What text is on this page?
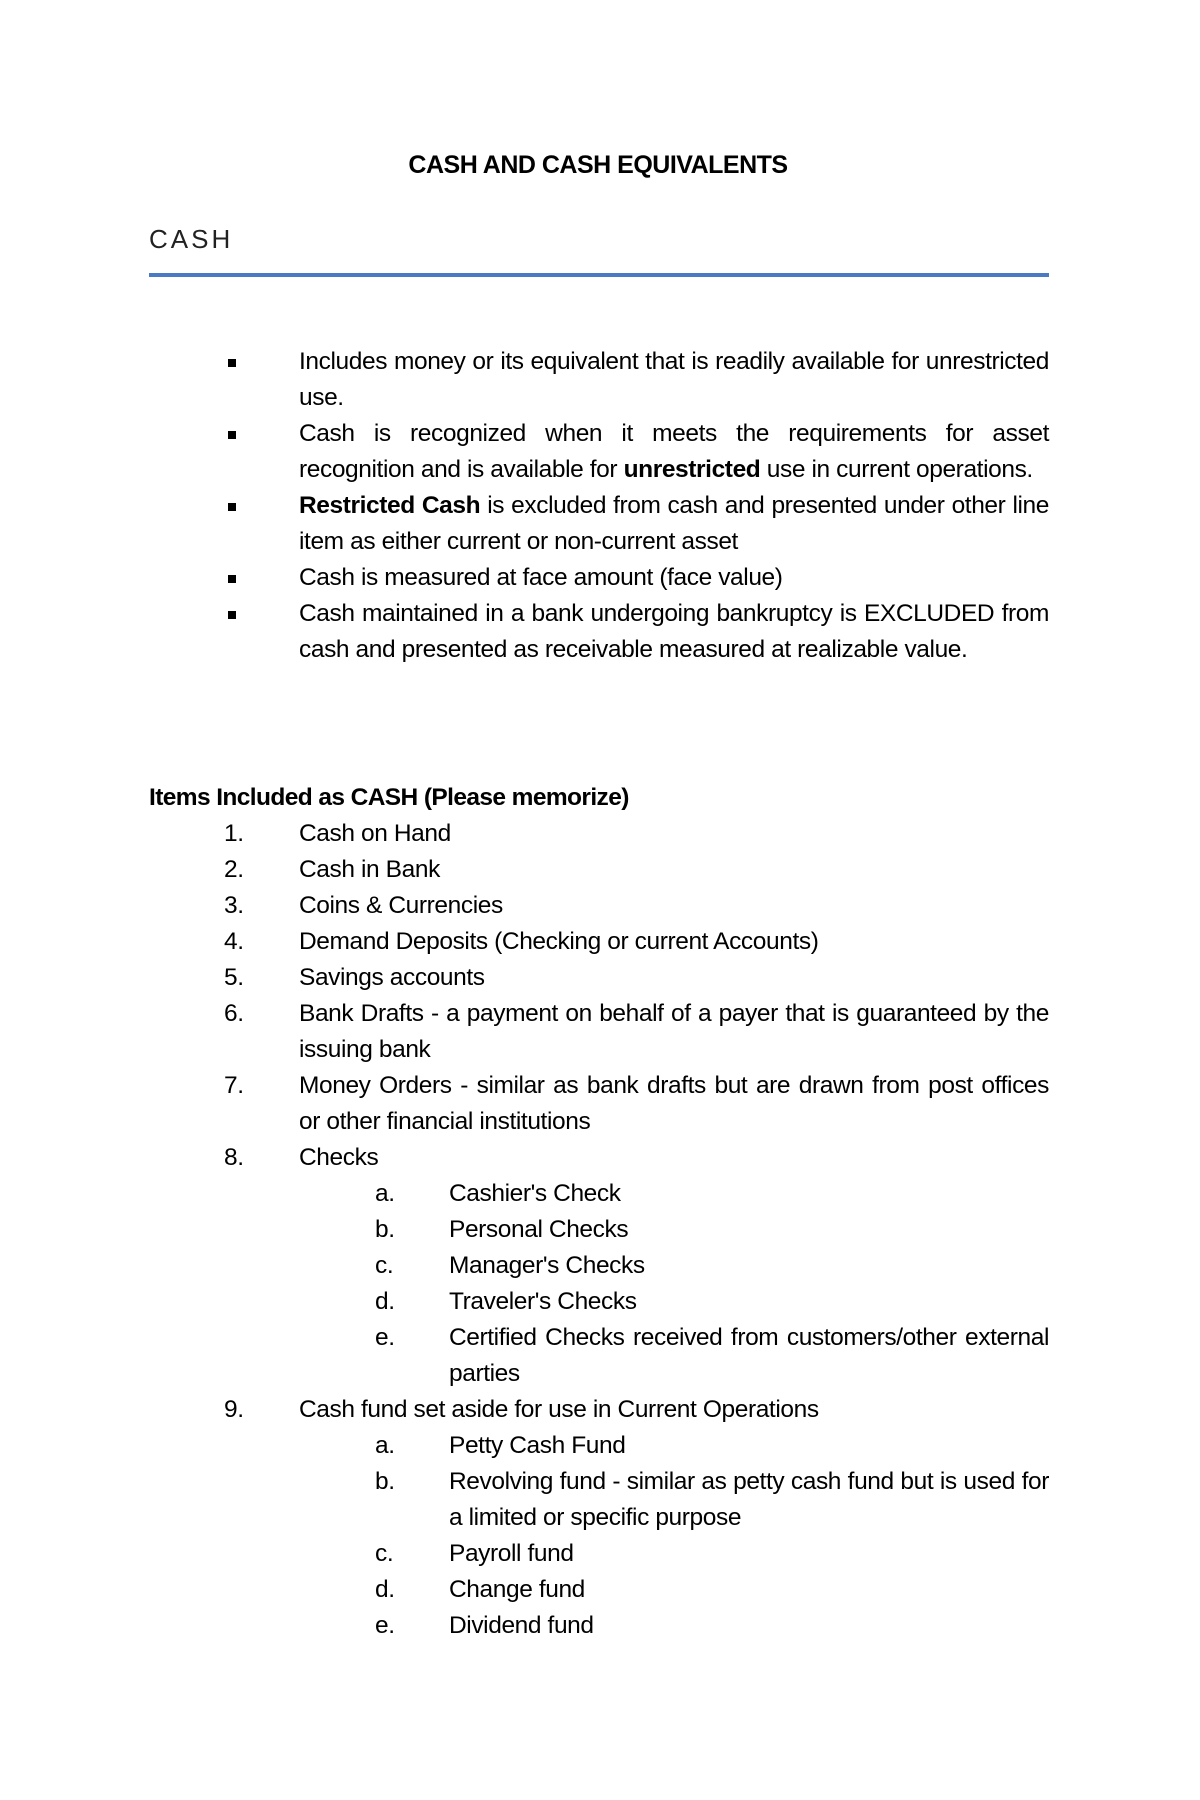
CASH AND CASH EQUIVALENTS
CASH
Includes money or its equivalent that is readily available for unrestricted use.
Cash is recognized when it meets the requirements for asset recognition and is available for unrestricted use in current operations.
Restricted Cash is excluded from cash and presented under other line item as either current or non-current asset
Cash is measured at face amount (face value)
Cash maintained in a bank undergoing bankruptcy is EXCLUDED from cash and presented as receivable measured at realizable value.
Items Included as CASH (Please memorize)
1. Cash on Hand
2. Cash in Bank
3. Coins & Currencies
4. Demand Deposits (Checking or current Accounts)
5. Savings accounts
6. Bank Drafts - a payment on behalf of a payer that is guaranteed by the issuing bank
7. Money Orders - similar as bank drafts but are drawn from post offices or other financial institutions
8. Checks
a. Cashier's Check
b. Personal Checks
c. Manager's Checks
d. Traveler's Checks
e. Certified Checks received from customers/other external parties
9. Cash fund set aside for use in Current Operations
a. Petty Cash Fund
b. Revolving fund - similar as petty cash fund but is used for a limited or specific purpose
c. Payroll fund
d. Change fund
e. Dividend fund
